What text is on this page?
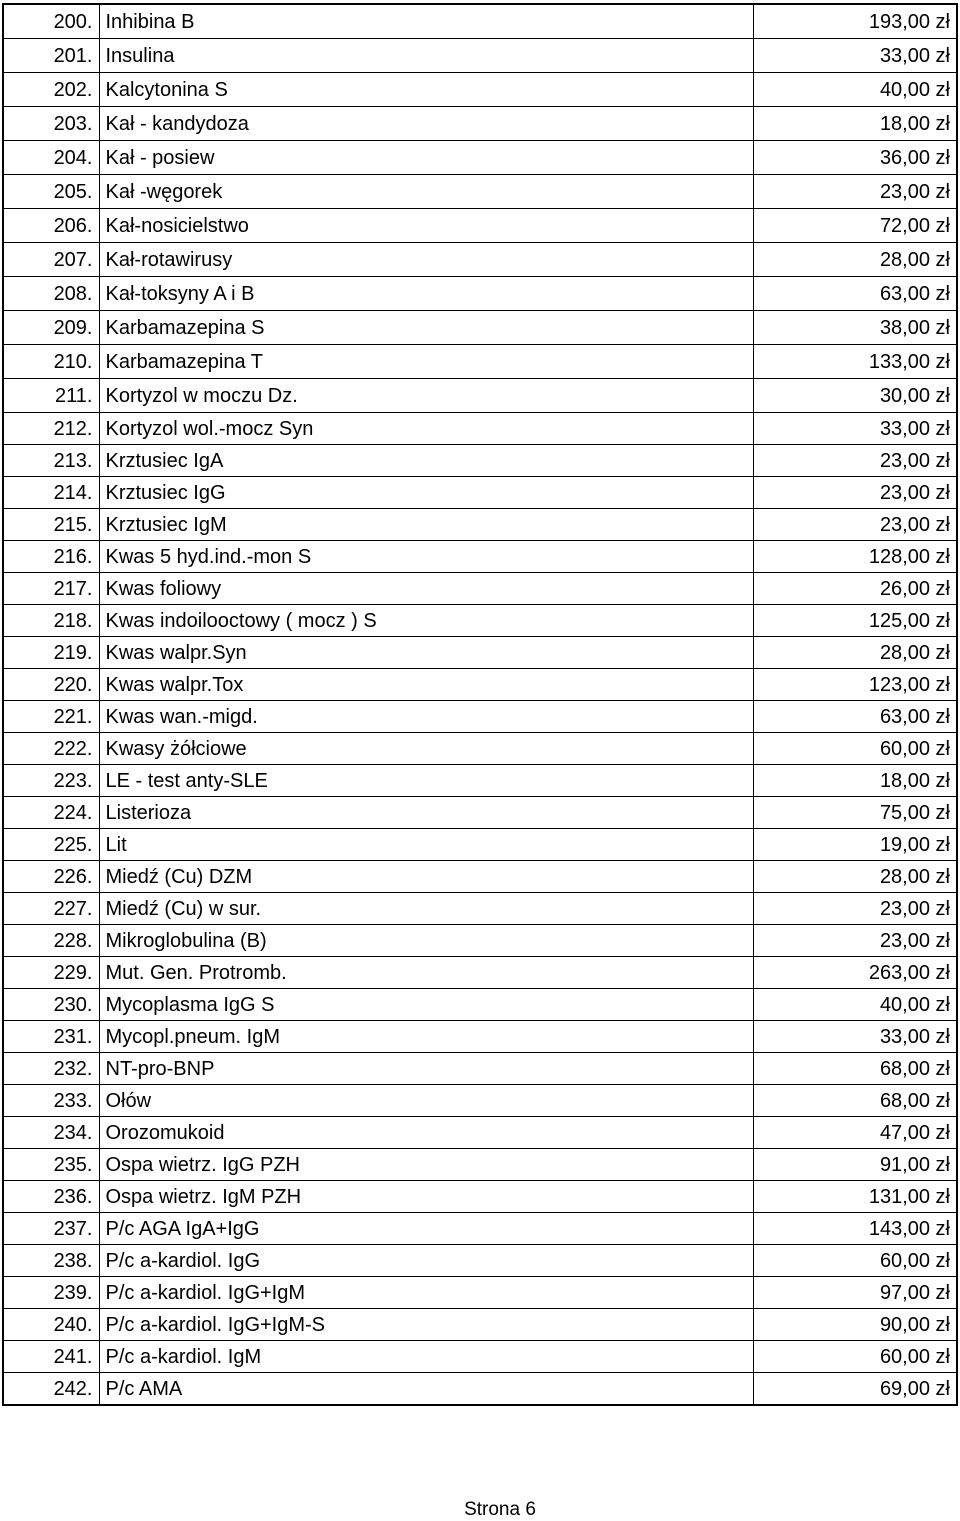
200.	Inhibina B	193,00 zł
201.	Insulina	33,00 zł
202.	Kalcytonina S	40,00 zł
203.	Kał - kandydoza	18,00 zł
204.	Kał - posiew	36,00 zł
205.	Kał -węgorek	23,00 zł
206.	Kał-nosicielstwo	72,00 zł
207.	Kał-rotawirusy	28,00 zł
208.	Kał-toksyny A i B	63,00 zł
209.	Karbamazepina S	38,00 zł
210.	Karbamazepina T	133,00 zł
211.	Kortyzol w moczu Dz.	30,00 zł
212.	Kortyzol wol.-mocz Syn	33,00 zł
213.	Krztusiec IgA	23,00 zł
214.	Krztusiec IgG	23,00 zł
215.	Krztusiec IgM	23,00 zł
216.	Kwas 5 hyd.ind.-mon S	128,00 zł
217.	Kwas foliowy	26,00 zł
218.	Kwas indoilooctowy ( mocz ) S	125,00 zł
219.	Kwas walpr.Syn	28,00 zł
220.	Kwas walpr.Tox	123,00 zł
221.	Kwas wan.-migd.	63,00 zł
222.	Kwasy żółciowe	60,00 zł
223.	LE - test anty-SLE	18,00 zł
224.	Listerioza	75,00 zł
225.	Lit	19,00 zł
226.	Miedź (Cu) DZM	28,00 zł
227.	Miedź (Cu) w sur.	23,00 zł
228.	Mikroglobulina (B)	23,00 zł
229.	Mut. Gen. Protromb.	263,00 zł
230.	Mycoplasma IgG S	40,00 zł
231.	Mycopl.pneum. IgM	33,00 zł
232.	NT-pro-BNP	68,00 zł
233.	Ołów	68,00 zł
234.	Orozomukoid	47,00 zł
235.	Ospa wietrz. IgG PZH	91,00 zł
236.	Ospa wietrz. IgM PZH	131,00 zł
237.	P/c AGA IgA+IgG	143,00 zł
238.	P/c a-kardiol. IgG	60,00 zł
239.	P/c a-kardiol. IgG+IgM	97,00 zł
240.	P/c a-kardiol. IgG+IgM-S	90,00 zł
241.	P/c a-kardiol. IgM	60,00 zł
242.	P/c AMA	69,00 zł
Strona 6
